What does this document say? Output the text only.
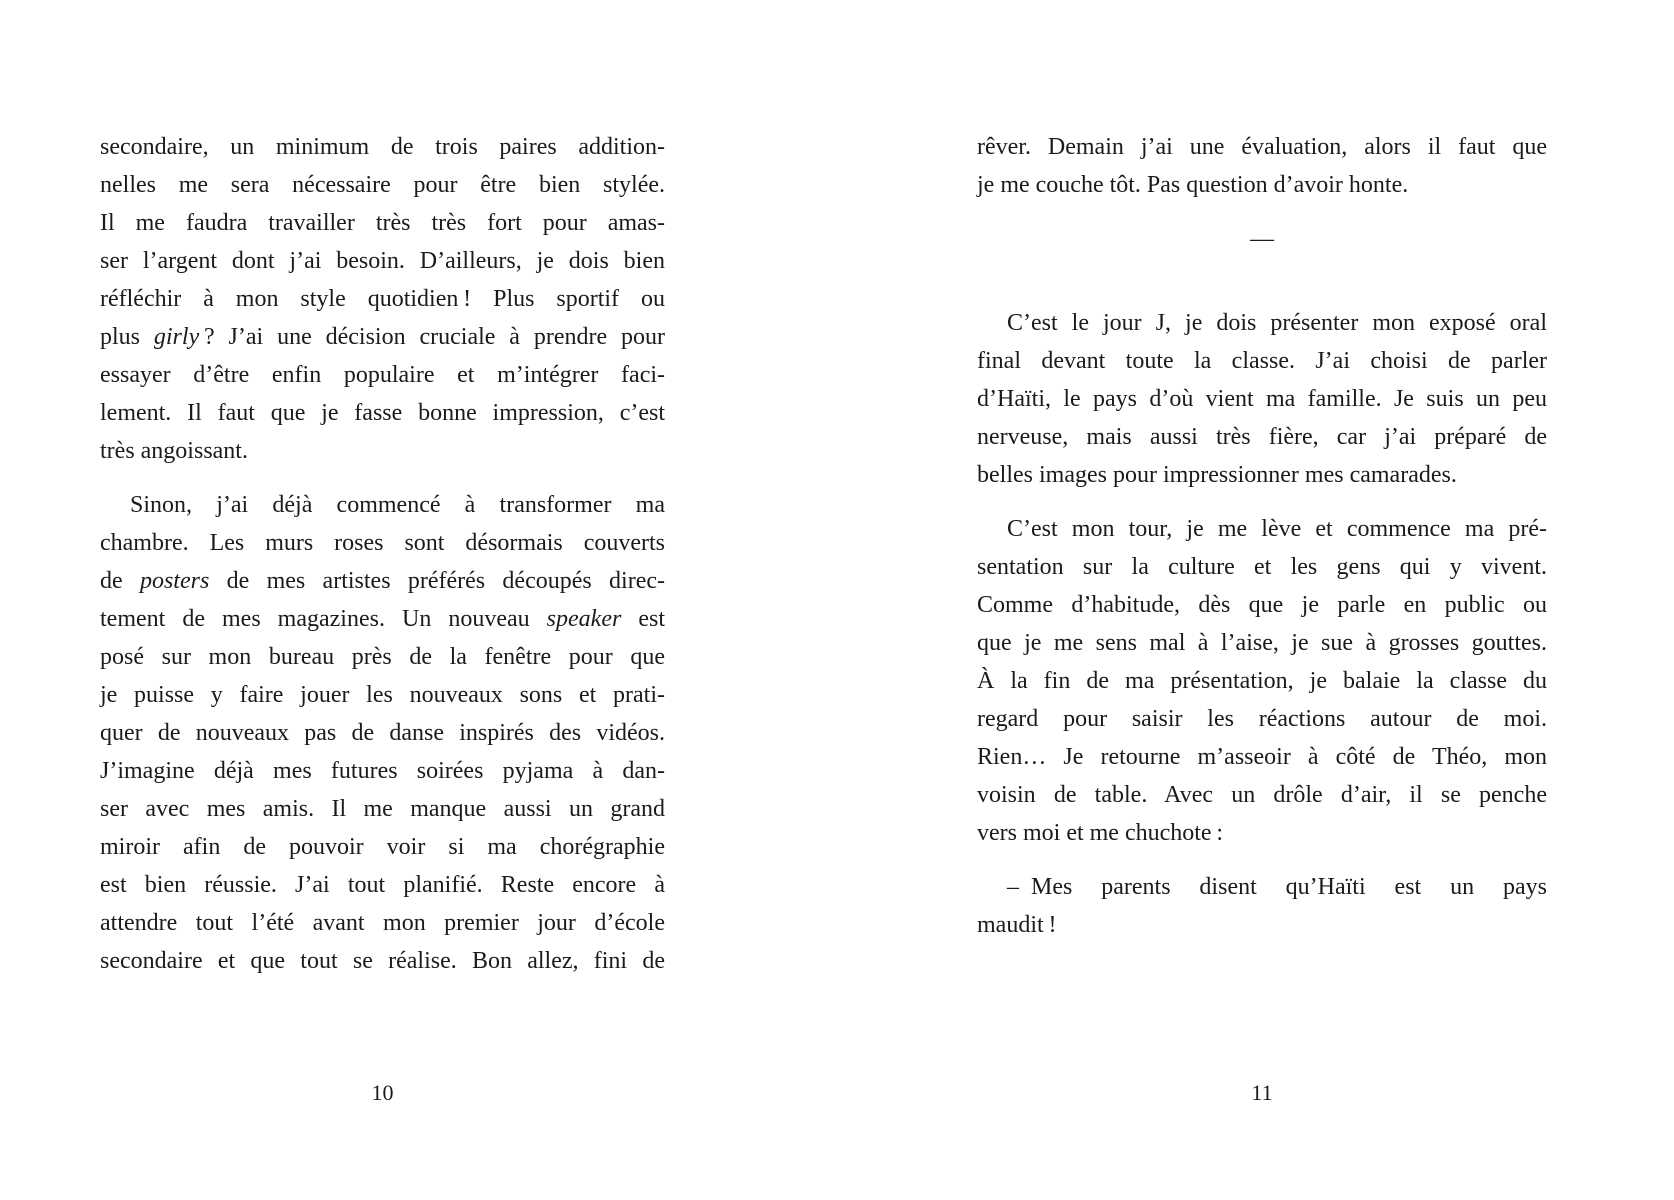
secondaire, un minimum de trois paires addition-
nelles me sera nécessaire pour être bien stylée.
Il me faudra travailler très très fort pour amas-
ser l’argent dont j’ai besoin. D’ailleurs, je dois bien
réfléchir à mon style quotidien ! Plus sportif ou
plus girly ? J’ai une décision cruciale à prendre pour
essayer d’être enfin populaire et m’intégrer faci-
lement. Il faut que je fasse bonne impression, c’est
très angoissant.
Sinon, j’ai déjà commencé à transformer ma
chambre. Les murs roses sont désormais couverts
de posters de mes artistes préférés découpés direc-
tement de mes magazines. Un nouveau speaker est
posé sur mon bureau près de la fenêtre pour que
je puisse y faire jouer les nouveaux sons et prati-
quer de nouveaux pas de danse inspirés des vidéos.
J’imagine déjà mes futures soirées pyjama à dan-
ser avec mes amis. Il me manque aussi un grand
miroir afin de pouvoir voir si ma chorégraphie
est bien réussie. J’ai tout planifié. Reste encore à
attendre tout l’été avant mon premier jour d’école
secondaire et que tout se réalise. Bon allez, fini de
rêver. Demain j’ai une évaluation, alors il faut que
je me couche tôt. Pas question d’avoir honte.
—
C’est le jour J, je dois présenter mon exposé oral
final devant toute la classe. J’ai choisi de parler
d’Haïti, le pays d’où vient ma famille. Je suis un peu
nerveuse, mais aussi très fière, car j’ai préparé de
belles images pour impressionner mes camarades.
C’est mon tour, je me lève et commence ma pré-
sentation sur la culture et les gens qui y vivent.
Comme d’habitude, dès que je parle en public ou
que je me sens mal à l’aise, je sue à grosses gouttes.
À la fin de ma présentation, je balaie la classe du
regard pour saisir les réactions autour de moi.
Rien… Je retourne m’asseoir à côté de Théo, mon
voisin de table. Avec un drôle d’air, il se penche
vers moi et me chuchote :
– Mes parents disent qu’Haïti est un pays
maudit !
10	11
